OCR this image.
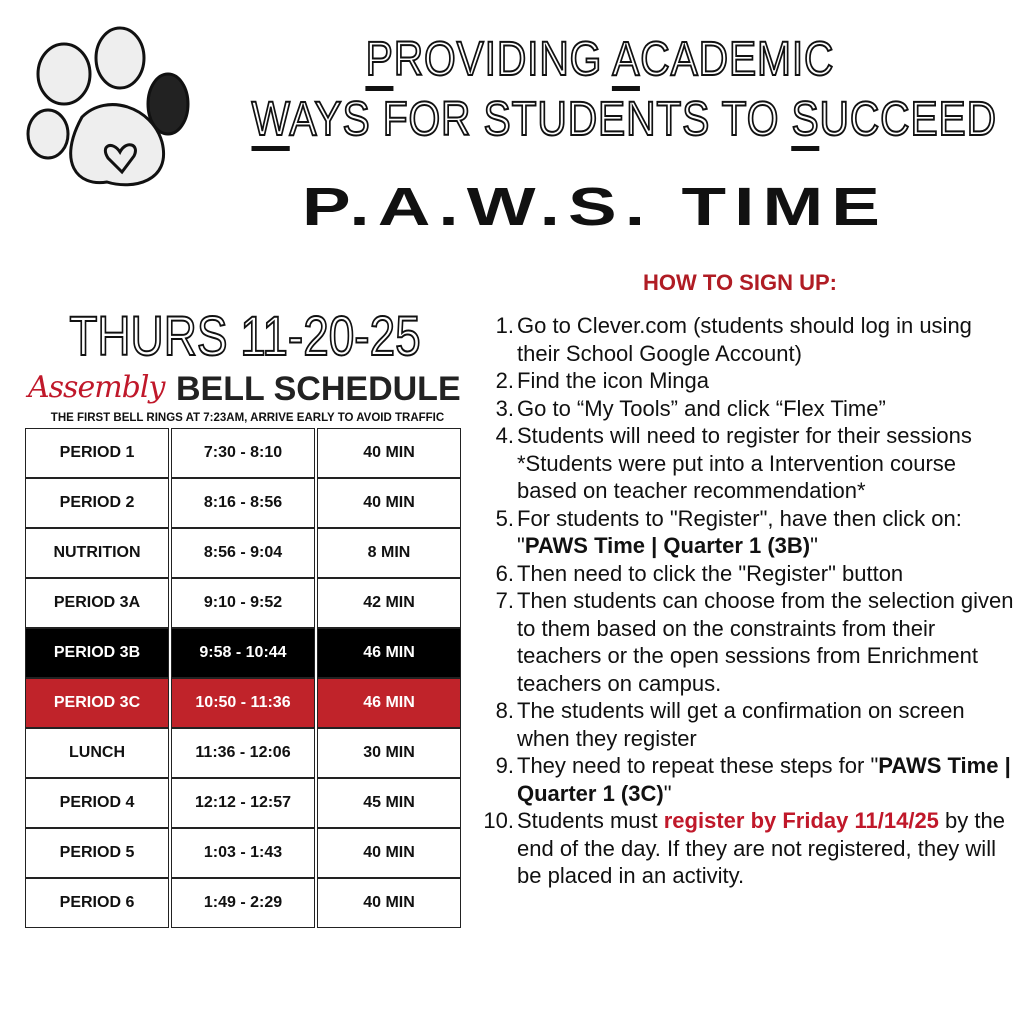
PROVIDING ACADEMIC
WAYS FOR STUDENTS TO SUCCEED
P.A.W.S. TIME
THURS 11-20-25
Assembly BELL SCHEDULE
THE FIRST BELL RINGS AT 7:23AM, ARRIVE EARLY TO AVOID TRAFFIC
PERIOD 1	7:30 - 8:10	40 MIN
PERIOD 2	8:16 - 8:56	40 MIN
NUTRITION	8:56 - 9:04	8 MIN
PERIOD 3A	9:10 - 9:52	42 MIN
PERIOD 3B	9:58 - 10:44	46 MIN
PERIOD 3C	10:50 - 11:36	46 MIN
LUNCH	11:36 - 12:06	30 MIN
PERIOD 4	12:12 - 12:57	45 MIN
PERIOD 5	1:03 - 1:43	40 MIN
PERIOD 6	1:49 - 2:29	40 MIN
HOW TO SIGN UP:
1. Go to Clever.com (students should log in using their School Google Account)
2. Find the icon Minga
3. Go to “My Tools” and click “Flex Time”
4. Students will need to register for their sessions *Students were put into a Intervention course based on teacher recommendation*
5. For students to "Register", have then click on: "PAWS Time | Quarter 1 (3B)"
6. Then need to click the "Register" button
7. Then students can choose from the selection given to them based on the constraints from their teachers or the open sessions from Enrichment teachers on campus.
8. The students will get a confirmation on screen when they register
9. They need to repeat these steps for "PAWS Time | Quarter 1 (3C)"
10. Students must register by Friday 11/14/25 by the end of the day. If they are not registered, they will be placed in an activity.
